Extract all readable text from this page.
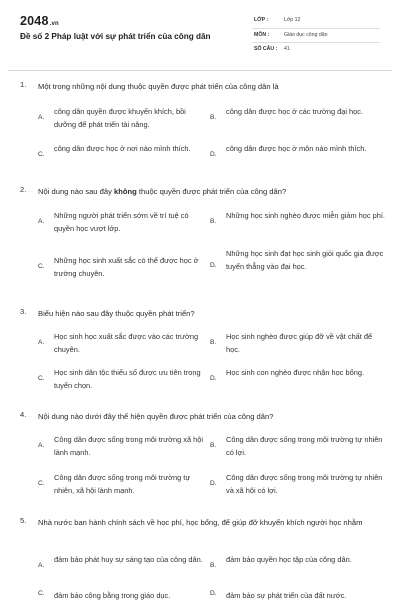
2048.vn
Đề số 2 Pháp luật với sự phát triển của công dân
LỚP :	Lớp 12
MÔN :	Giáo dục công dân
SỐ CÂU : 41
1. Một trong những nội dung thuộc quyền được phát triển của công dân là
A.
công dân quyền được khuyến khích, bồi dưỡng để phát triển tài năng.
B.
công dân được học ở các trường đại học.
C.
công dân được học ở nơi nào mình thích.
D.
công dân được học ở môn nào mình thích.
2. Nội dung nào sau đây không thuộc quyền được phát triển của công dân?
A.
Những người phát triển sớm về trí tuệ có quyền học vượt lớp.
B.
Những học sinh nghèo được miễn giảm học phí.
C.
Những học sinh xuất sắc có thể được học ở trường chuyên.
D.
Những học sinh đạt học sinh giỏi quốc gia được tuyển thẳng vào đại học.
3. Biểu hiện nào sau đây thuộc quyền phát triển?
A.
Học sinh học xuất sắc được vào các trường chuyên.
B.
Học sinh nghèo được giúp đỡ về vật chất để học.
C.
Học sinh dân tộc thiểu số được ưu tiên trong tuyển chọn.
D.
Học sinh con nghèo được nhận học bổng.
4. Nội dung nào dưới đây thể hiện quyền được phát triển của công dân?
A.
Công dân được sống trong môi trường xã hội lành mạnh.
B.
Công dân được sống trong môi trường tự nhiên có lợi.
C.
Công dân được sống trong môi trường tự nhiên, xã hội lành mạnh.
D.
Công dân được sống trong môi trường tự nhiên và xã hội có lợi.
5. Nhà nước ban hành chính sách về học phí, học bổng, để giúp đỡ khuyến khích người học nhằm
A.
đảm bảo phát huy sự sáng tạo của công dân.
B.
đảm bảo quyền học tập của công dân.
C. đảm bảo công bằng trong giáo dục.	D. đảm bảo sự phát triển của đất nước.
